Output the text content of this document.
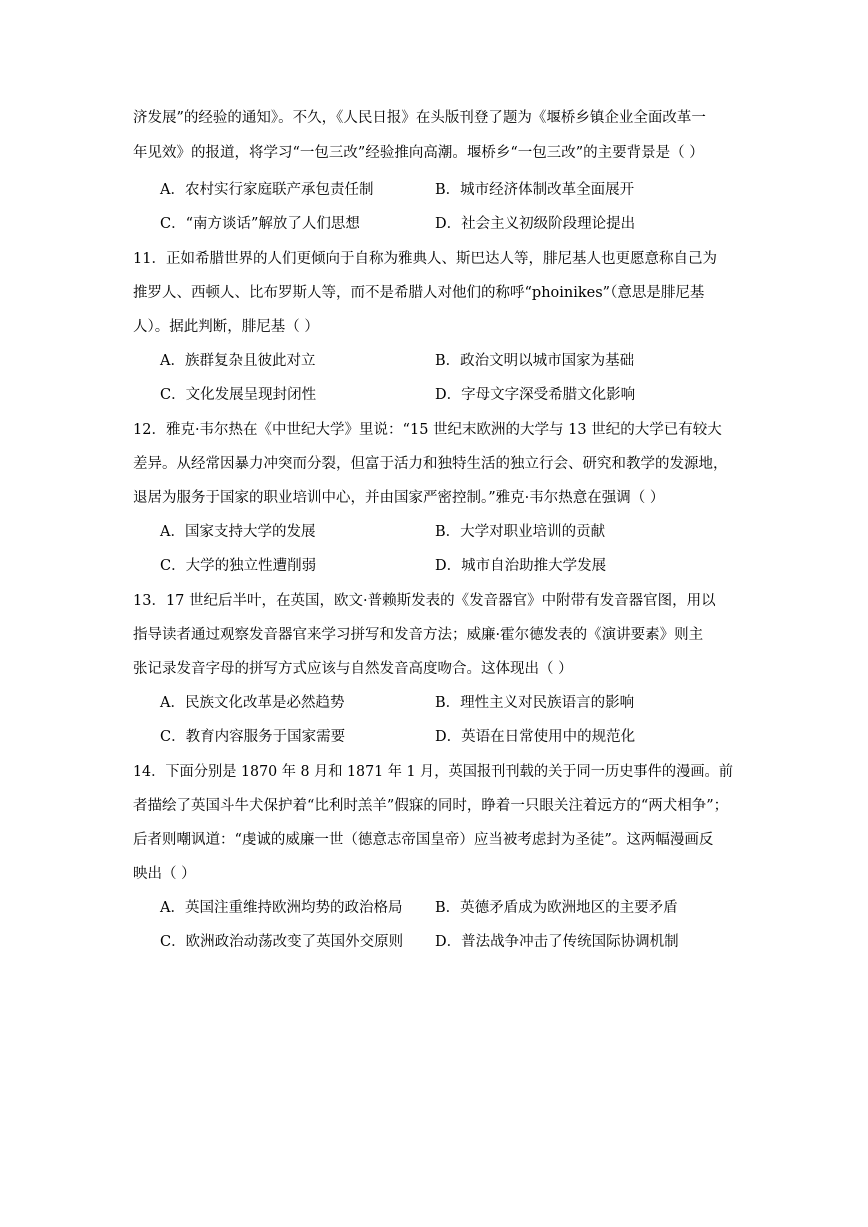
济发展”的经验的通知》。不久，《人民日报》在头版刊登了题为《堰桥乡镇企业全面改革一
年见效》的报道，将学习“一包三改”经验推向高潮。堰桥乡“一包三改”的主要背景是（ ）
A．农村实行家庭联产承包责任制	B．城市经济体制改革全面展开
C．“南方谈话”解放了人们思想	D．社会主义初级阶段理论提出
11．正如希腊世界的人们更倾向于自称为雅典人、斯巴达人等，腓尼基人也更愿意称自己为
推罗人、西顿人、比布罗斯人等，而不是希腊人对他们的称呼“phoinikes”（意思是腓尼基
人）。据此判断，腓尼基（ ）
A．族群复杂且彼此对立	B．政治文明以城市国家为基础
C．文化发展呈现封闭性	D．字母文字深受希腊文化影响
12．雅克·韦尔热在《中世纪大学》里说：“15 世纪末欧洲的大学与 13 世纪的大学已有较大
差异。从经常因暴力冲突而分裂，但富于活力和独特生活的独立行会、研究和教学的发源地，
退居为服务于国家的职业培训中心，并由国家严密控制。”雅克·韦尔热意在强调（ ）
A．国家支持大学的发展	B．大学对职业培训的贡献
C．大学的独立性遭削弱	D．城市自治助推大学发展
13．17 世纪后半叶，在英国，欧文·普赖斯发表的《发音器官》中附带有发音器官图，用以
指导读者通过观察发音器官来学习拼写和发音方法；威廉·霍尔德发表的《演讲要素》则主
张记录发音字母的拼写方式应该与自然发音高度吻合。这体现出（ ）
A．民族文化改革是必然趋势	B．理性主义对民族语言的影响
C．教育内容服务于国家需要	D．英语在日常使用中的规范化
14．下面分别是 1870 年 8 月和 1871 年 1 月，英国报刊刊载的关于同一历史事件的漫画。前
者描绘了英国斗牛犬保护着“比利时羔羊”假寐的同时，睁着一只眼关注着远方的“两犬相争”；
后者则嘲讽道：“虔诚的威廉一世（德意志帝国皇帝）应当被考虑封为圣徒”。这两幅漫画反
映出（ ）
A．英国注重维持欧洲均势的政治格局 B．英德矛盾成为欧洲地区的主要矛盾
C．欧洲政治动荡改变了英国外交原则 D．普法战争冲击了传统国际协调机制
